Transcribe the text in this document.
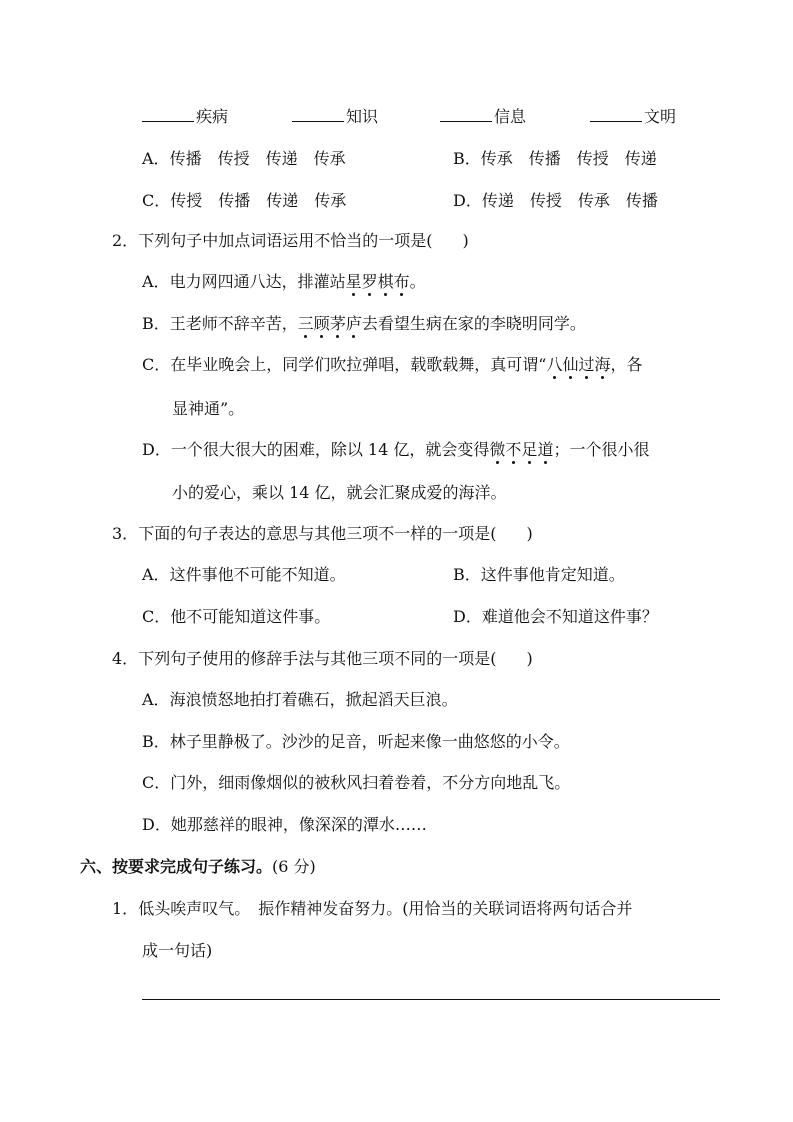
疾病	知识	信息	文明
A．传播　传授　传递　传承	B．传承　传播　传授　传递
C．传授　传播　传递　传承	D．传递　传授　传承　传播
2．下列句子中加点词语运用不恰当的一项是( )
A．电力网四通八达，排灌站星罗棋布。
B．王老师不辞辛苦，三顾茅庐去看望生病在家的李晓明同学。
C．在毕业晚会上，同学们吹拉弹唱，载歌载舞，真可谓“八仙过海，各
显神通”。
D．一个很大很大的困难，除以 14 亿，就会变得微不足道；一个很小很
小的爱心，乘以 14 亿，就会汇聚成爱的海洋。
3．下面的句子表达的意思与其他三项不一样的一项是( )
A．这件事他不可能不知道。	B．这件事他肯定知道。
C．他不可能知道这件事。	D．难道他会不知道这件事？
4．下列句子使用的修辞手法与其他三项不同的一项是( )
A．海浪愤怒地拍打着礁石，掀起滔天巨浪。
B．林子里静极了。沙沙的足音，听起来像一曲悠悠的小令。
C．门外，细雨像烟似的被秋风扫着卷着，不分方向地乱飞。
D．她那慈祥的眼神，像深深的潭水……
六、按要求完成句子练习。(6 分)
1．低头唉声叹气。　振作精神发奋努力。(用恰当的关联词语将两句话合并
成一句话)
